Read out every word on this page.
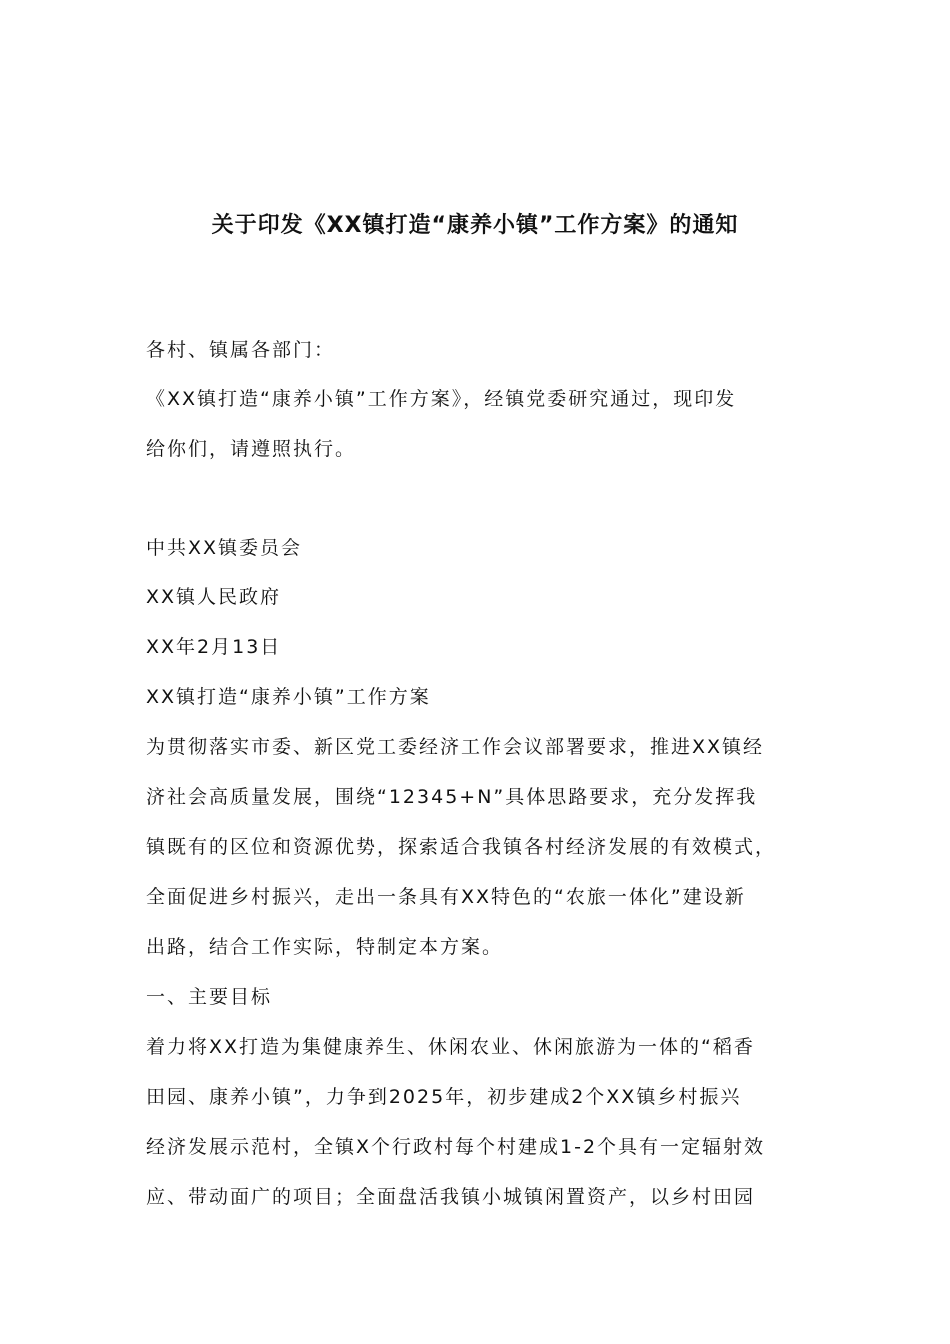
关于印发《XX镇打造“康养小镇”工作方案》的通知
各村、镇属各部门：
《XX镇打造“康养小镇”工作方案》，经镇党委研究通过，现印发
给你们，请遵照执行。
中共XX镇委员会
XX镇人民政府
XX年2月13日
XX镇打造“康养小镇”工作方案
为贯彻落实市委、新区党工委经济工作会议部署要求，推进XX镇经
济社会高质量发展，围绕“12345+N”具体思路要求，充分发挥我
镇既有的区位和资源优势，探索适合我镇各村经济发展的有效模式，
全面促进乡村振兴，走出一条具有XX特色的“农旅一体化”建设新
出路，结合工作实际，特制定本方案。
一、主要目标
着力将XX打造为集健康养生、休闲农业、休闲旅游为一体的“稻香
田园、康养小镇”，力争到2025年，初步建成2个XX镇乡村振兴
经济发展示范村，全镇X个行政村每个村建成1-2个具有一定辐射效
应、带动面广的项目；全面盘活我镇小城镇闲置资产，以乡村田园
